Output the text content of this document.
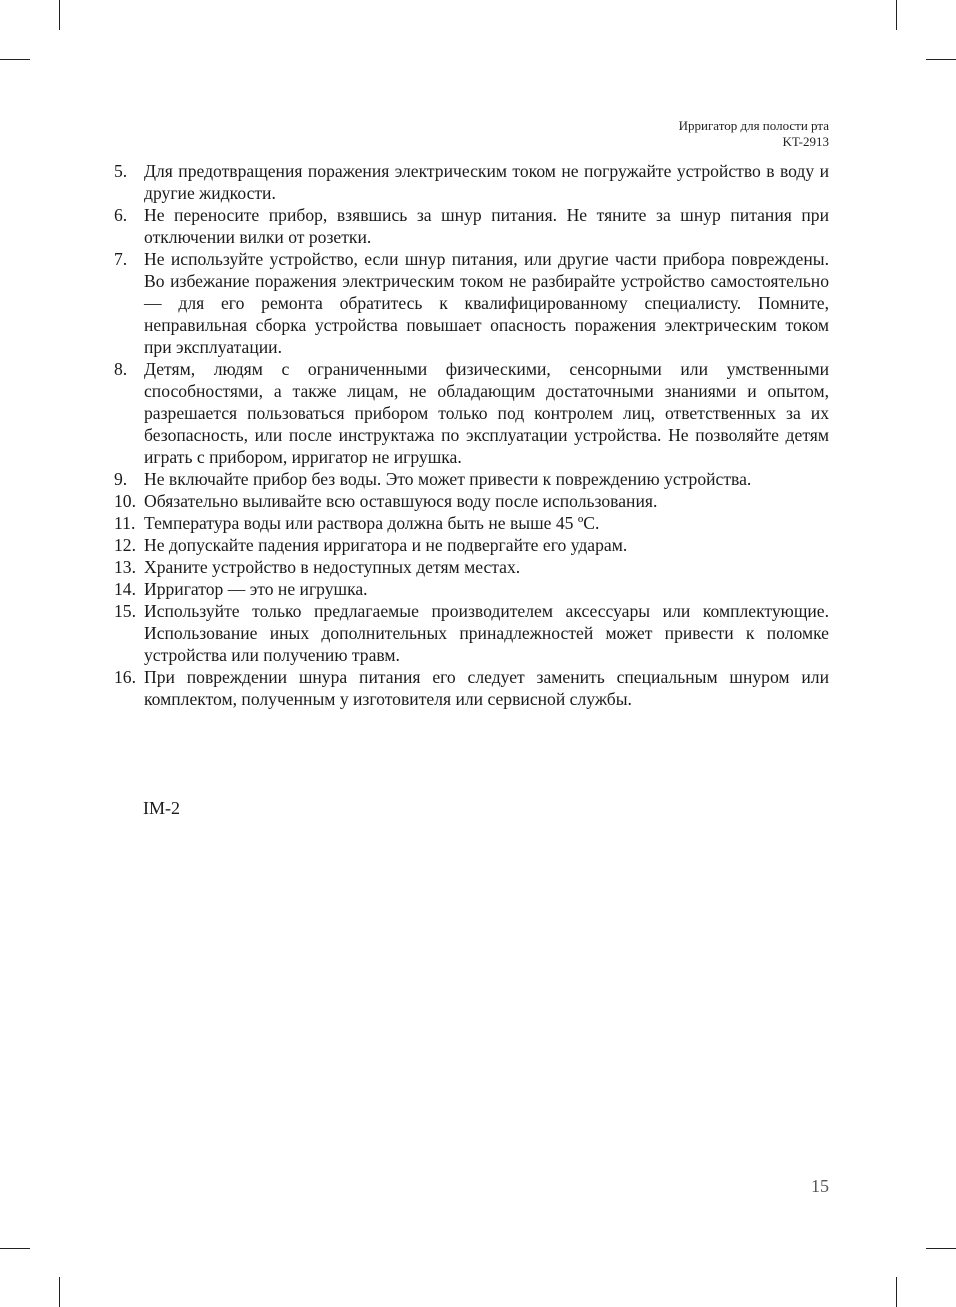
Ирригатор для полости рта
KT-2913
5. Для предотвращения поражения электрическим током не погружайте устройство в воду и другие жидкости.
6. Не переносите прибор, взявшись за шнур питания. Не тяните за шнур питания при отключении вилки от розетки.
7. Не используйте устройство, если шнур питания, или другие части прибора повреждены. Во избежание поражения электрическим током не разбирайте устройство самостоятельно — для его ремонта обратитесь к квалифицированному специалисту. Помните, неправильная сборка устройства повышает опасность поражения электрическим током при эксплуатации.
8. Детям, людям с ограниченными физическими, сенсорными или умственными способностями, а также лицам, не обладающим достаточными знаниями и опытом, разрешается пользоваться прибором только под контролем лиц, ответственных за их безопасность, или после инструктажа по эксплуатации устройства. Не позволяйте детям играть с прибором, ирригатор не игрушка.
9. Не включайте прибор без воды. Это может привести к повреждению устройства.
10. Обязательно выливайте всю оставшуюся воду после использования.
11. Температура воды или раствора должна быть не выше 45 ºC.
12. Не допускайте падения ирригатора и не подвергайте его ударам.
13. Храните устройство в недоступных детям местах.
14. Ирригатор — это не игрушка.
15. Используйте только предлагаемые производителем аксессуары или комплектующие. Использование иных дополнительных принадлежностей может привести к поломке устройства или получению травм.
16. При повреждении шнура питания его следует заменить специальным шнуром или комплектом, полученным у изготовителя или сервисной службы.
IM-2
15
